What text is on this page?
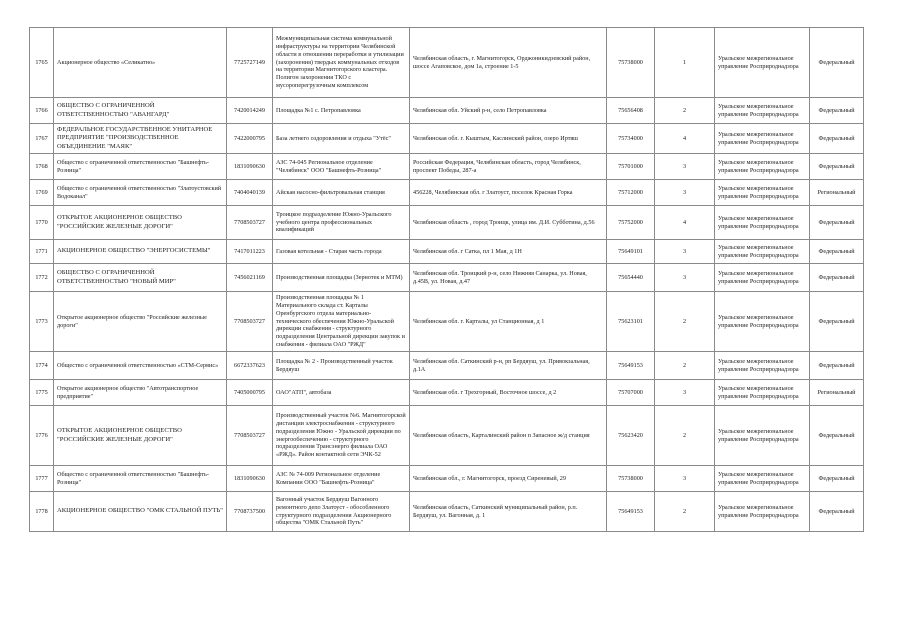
1765	Акционерное общество «Селикатно»	7725727149	Межмуниципальная система коммунальной инфраструктуры на территории Челябинской области в отношении переработки и утилизации (захоронения) твердых коммунальных отходов на территории Магнитогорского кластера. Полигон захоронения ТКО с мусороперегрузочным комплексом	Челябинская область, г. Магнитогорск, Орджоникидзевский район, шоссе Агаповское, дом 1а, строение 1-5	75738000	1	Уральское межрегиональное управление Росприроднадзора	Федеральный
1766	ОБЩЕСТВО С ОГРАНИЧЕННОЙ ОТВЕТСТВЕННОСТЬЮ "АВАНГАРД"	7420014249	Площадка №1 с. Петропавловка	Челябинская обл. Уйский р-н, село Петропавловка	75656408	2	Уральское межрегиональное управление Росприроднадзора	Федеральный
1767	ФЕДЕРАЛЬНОЕ ГОСУДАРСТВЕННОЕ УНИТАРНОЕ ПРЕДПРИЯТИЕ "ПРОИЗВОДСТВЕННОЕ ОБЪЕДИНЕНИЕ "МАЯК"	7422000795	База летнего оздоровления и отдыха "Утёс"	Челябинская обл. г. Кыштым, Каслинский район, озеро Иртяш	75734000	4	Уральское межрегиональное управление Росприроднадзора	Федеральный
1768	Общество с ограниченной ответственностью "Башнефть-Розница"	1831090630	АЗС 74-045 Региональное отделение "Челябинск" ООО "Башнефть-Розница"	Российская Федерация, Челябинская область, город Челябинск, проспект Победы, 287-а	75701000	3	Уральское межрегиональное управление Росприроднадзора	Федеральный
1769	Общество с ограниченной ответственностью "Златоустовский Водоканал"	7404040139	Айская насосно-фильтровальная станция	456228, Челябинская обл. г Златоуст, поселок Красная Горка	75712000	3	Уральское межрегиональное управление Росприроднадзора	Региональный
1770	ОТКРЫТОЕ АКЦИОНЕРНОЕ ОБЩЕСТВО "РОССИЙСКИЕ ЖЕЛЕЗНЫЕ ДОРОГИ"	7708503727	Троицкое подразделение Южно-Уральского учебного центра профессиональных квалификаций	Челябинская область , город Троицк, улица им. Д.И. Субботина, д.56	75752000	4	Уральское межрегиональное управление Росприроднадзора	Федеральный
1771	АКЦИОНЕРНОЕ ОБЩЕСТВО "ЭНЕРГОСИСТЕМЫ"	7417011223	Газовая котельная - Старая часть города	Челябинская обл. г Сатка, пл 1 Мая, д 1Н	75649101	3	Уральское межрегиональное управление Росприроднадзора	Федеральный
1772	ОБЩЕСТВО С ОГРАНИЧЕННОЙ ОТВЕТСТВЕННОСТЬЮ "НОВЫЙ МИР"	7456021169	Производственная площадка (Зернотек и МТМ)	Челябинская обл. Троицкий р-н, село Нижняя Санарка, ул. Новая, д.45В, ул. Новая, д.47	75654440	3	Уральское межрегиональное управление Росприроднадзора	Федеральный
1773	Открытое акционерное общество "Российские железные дороги"	7708503727	Производственная площадка № 1 Материального склада ст. Карталы Оренбургского отдела материально-технического обеспечения Южно-Уральской дирекции снабжения - структурного подразделения Центральной дирекции закупок и снабжения - филиала ОАО "РЖД"	Челябинская обл. г. Карталы, ул Станционная, д 1	75623101	2	Уральское межрегиональное управление Росприроднадзора	Федеральный
1774	Общество с ограниченной ответственностью «СТМ-Сервис»	6672337623	Площадка № 2 - Производственный участок Бердяуш	Челябинская обл. Саткинский р-н, рп Бердяуш, ул. Привокзальная, д.1А	75649153	2	Уральское межрегиональное управление Росприроднадзора	Федеральный
1775	Открытое акционерное общество "Автотранспортное предприятие"	7405000795	ОАО"АТП", автобаза	Челябинская обл. г Трехгорный, Восточное шоссе, д 2	75707000	3	Уральское межрегиональное управление Росприроднадзора	Региональный
1776	ОТКРЫТОЕ АКЦИОНЕРНОЕ ОБЩЕСТВО "РОССИЙСКИЕ ЖЕЛЕЗНЫЕ ДОРОГИ"	7708503727	Производственный участок №6. Магнитогорской дистанции электроснабжения - структурного подразделения Южно - Уральской дирекции по энергообеспечению - структурного подразделения Трансэнерго филиала ОАО «РЖД». Район контактной сети ЭЧК-52	Челябинская область, Карталинский район п Запасное ж/д станция	75623420	2	Уральское межрегиональное управление Росприроднадзора	Федеральный
1777	Общество с ограниченной ответственностью "Башнефть-Розница"	1831090630	АЗС № 74-009 Региональное отделение Компании ООО "Башнефть-Розница"	Челябинская обл., г. Магнитогорск, проезд Сиреневый, 29	75738000	3	Уральское межрегиональное управление Росприроднадзора	Федеральный
1778	АКЦИОНЕРНОЕ ОБЩЕСТВО "ОМК СТАЛЬНОЙ ПУТЬ"	7708737500	Вагонный участок Бердяуш Вагонного ремонтного депо Златоуст - обособленного структурного подразделения Акционерного общества "ОМК Стальной Путь"	Челябинская область, Саткинский муниципальный район, р.п. Бердяуш, ул. Вагонная, д. 1	75649153	2	Уральское межрегиональное управление Росприроднадзора	Федеральный
